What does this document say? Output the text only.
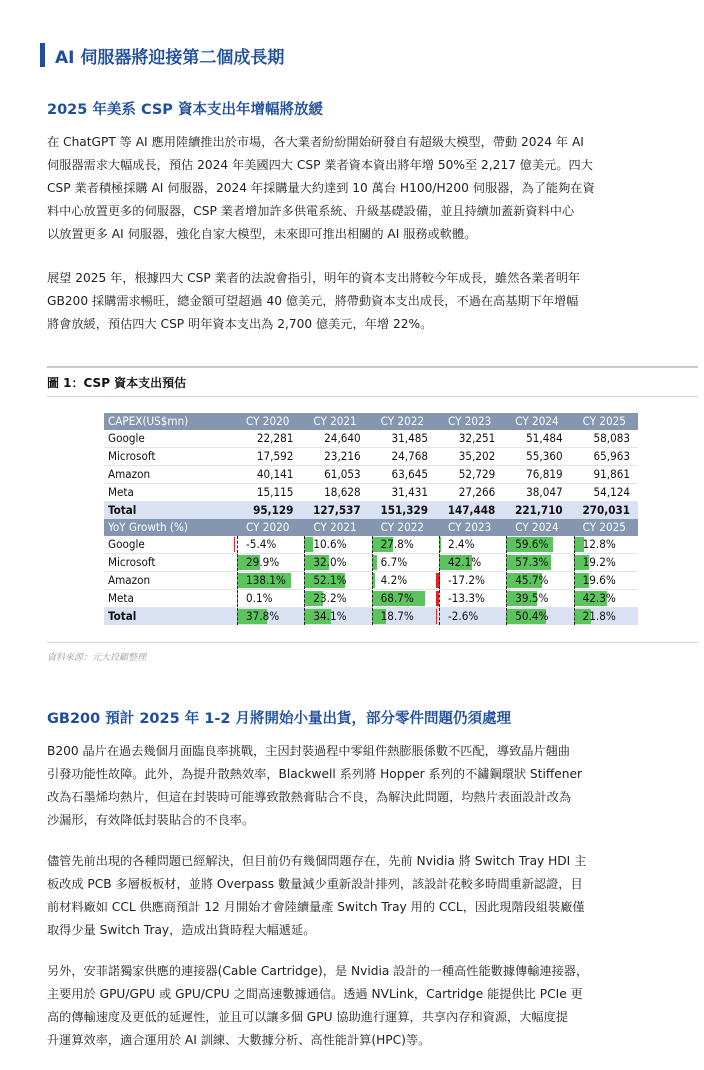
AI 伺服器將迎接第二個成長期
2025 年美系 CSP 資本支出年增幅將放緩
在 ChatGPT 等 AI 應用陸續推出於市場，各大業者紛紛開始研發自有超級大模型，帶動 2024 年 AI
伺服器需求大幅成長，預估 2024 年美國四大 CSP 業者資本資出將年增 50%至 2,217 億美元。四大
CSP 業者積極採購 AI 伺服器，2024 年採購量大約達到 10 萬台 H100/H200 伺服器，為了能夠在資
料中心放置更多的伺服器，CSP 業者增加許多供電系統、升級基礎設備，並且持續加蓋新資料中心
以放置更多 AI 伺服器，強化自家大模型，未來即可推出相關的 AI 服務或軟體。
展望 2025 年，根據四大 CSP 業者的法說會指引，明年的資本支出將較今年成長，雖然各業者明年
GB200 採購需求暢旺，總金額可望超過 40 億美元，將帶動資本支出成長，不過在高基期下年增幅
將會放緩，預估四大 CSP 明年資本支出為 2,700 億美元，年增 22%。
圖 1：CSP 資本支出預估
CAPEX(US$mn)	CY 2020	CY 2021	CY 2022	CY 2023	CY 2024	CY 2025
Google	22,281	24,640	31,485	32,251	51,484	58,083
Microsoft	17,592	23,216	24,768	35,202	55,360	65,963
Amazon	40,141	61,053	63,645	52,729	76,819	91,861
Meta	15,115	18,628	31,431	27,266	38,047	54,124
Total	95,129	127,537	151,329	147,448	221,710	270,031
YoY Growth (%)	CY 2020	CY 2021	CY 2022	CY 2023	CY 2024	CY 2025
Google	-5.4%	10.6%	27.8%	2.4%	59.6%	12.8%

Microsoft	29.9%	32.0%	6.7%	42.1%	57.3%	19.2%

Amazon	138.1%	52.1%	4.2%	-17.2%	45.7%	19.6%

Meta	0.1%	23.2%	68.7%	-13.3%	39.5%	42.3%

Total	37.8%	34.1%	18.7%	-2.6%	50.4%	21.8%
資料來源：元大投顧整理
GB200 預計 2025 年 1-2 月將開始小量出貨，部分零件問題仍須處理
B200 晶片在過去幾個月面臨良率挑戰，主因封裝過程中零組件熱膨脹係數不匹配，導致晶片翹曲
引發功能性故障。此外，為提升散熱效率，Blackwell 系列將 Hopper 系列的不鏽鋼環狀 Stiffener
改為石墨烯均熱片，但這在封裝時可能導致散熱膏貼合不良，為解決此問題，均熱片表面設計改為
沙漏形，有效降低封裝貼合的不良率。
儘管先前出現的各種問題已經解決，但目前仍有幾個問題存在，先前 Nvidia 將 Switch Tray HDI 主
板改成 PCB 多層板板材，並將 Overpass 數量減少重新設計排列，該設計花較多時間重新認證，目
前材料廠如 CCL 供應商預計 12 月開始才會陸續量產 Switch Tray 用的 CCL，因此現階段組裝廠僅
取得少量 Switch Tray，造成出貨時程大幅遞延。
另外，安菲諾獨家供應的連接器(Cable Cartridge)，是 Nvidia 設計的一種高性能數據傳輸連接器，
主要用於 GPU/GPU 或 GPU/CPU 之間高速數據通信。透過 NVLink，Cartridge 能提供比 PCIe 更
高的傳輸速度及更低的延遲性，並且可以讓多個 GPU 協助進行運算，共享內存和資源，大幅度提
升運算效率，適合運用於 AI 訓練、大數據分析、高性能計算(HPC)等。
